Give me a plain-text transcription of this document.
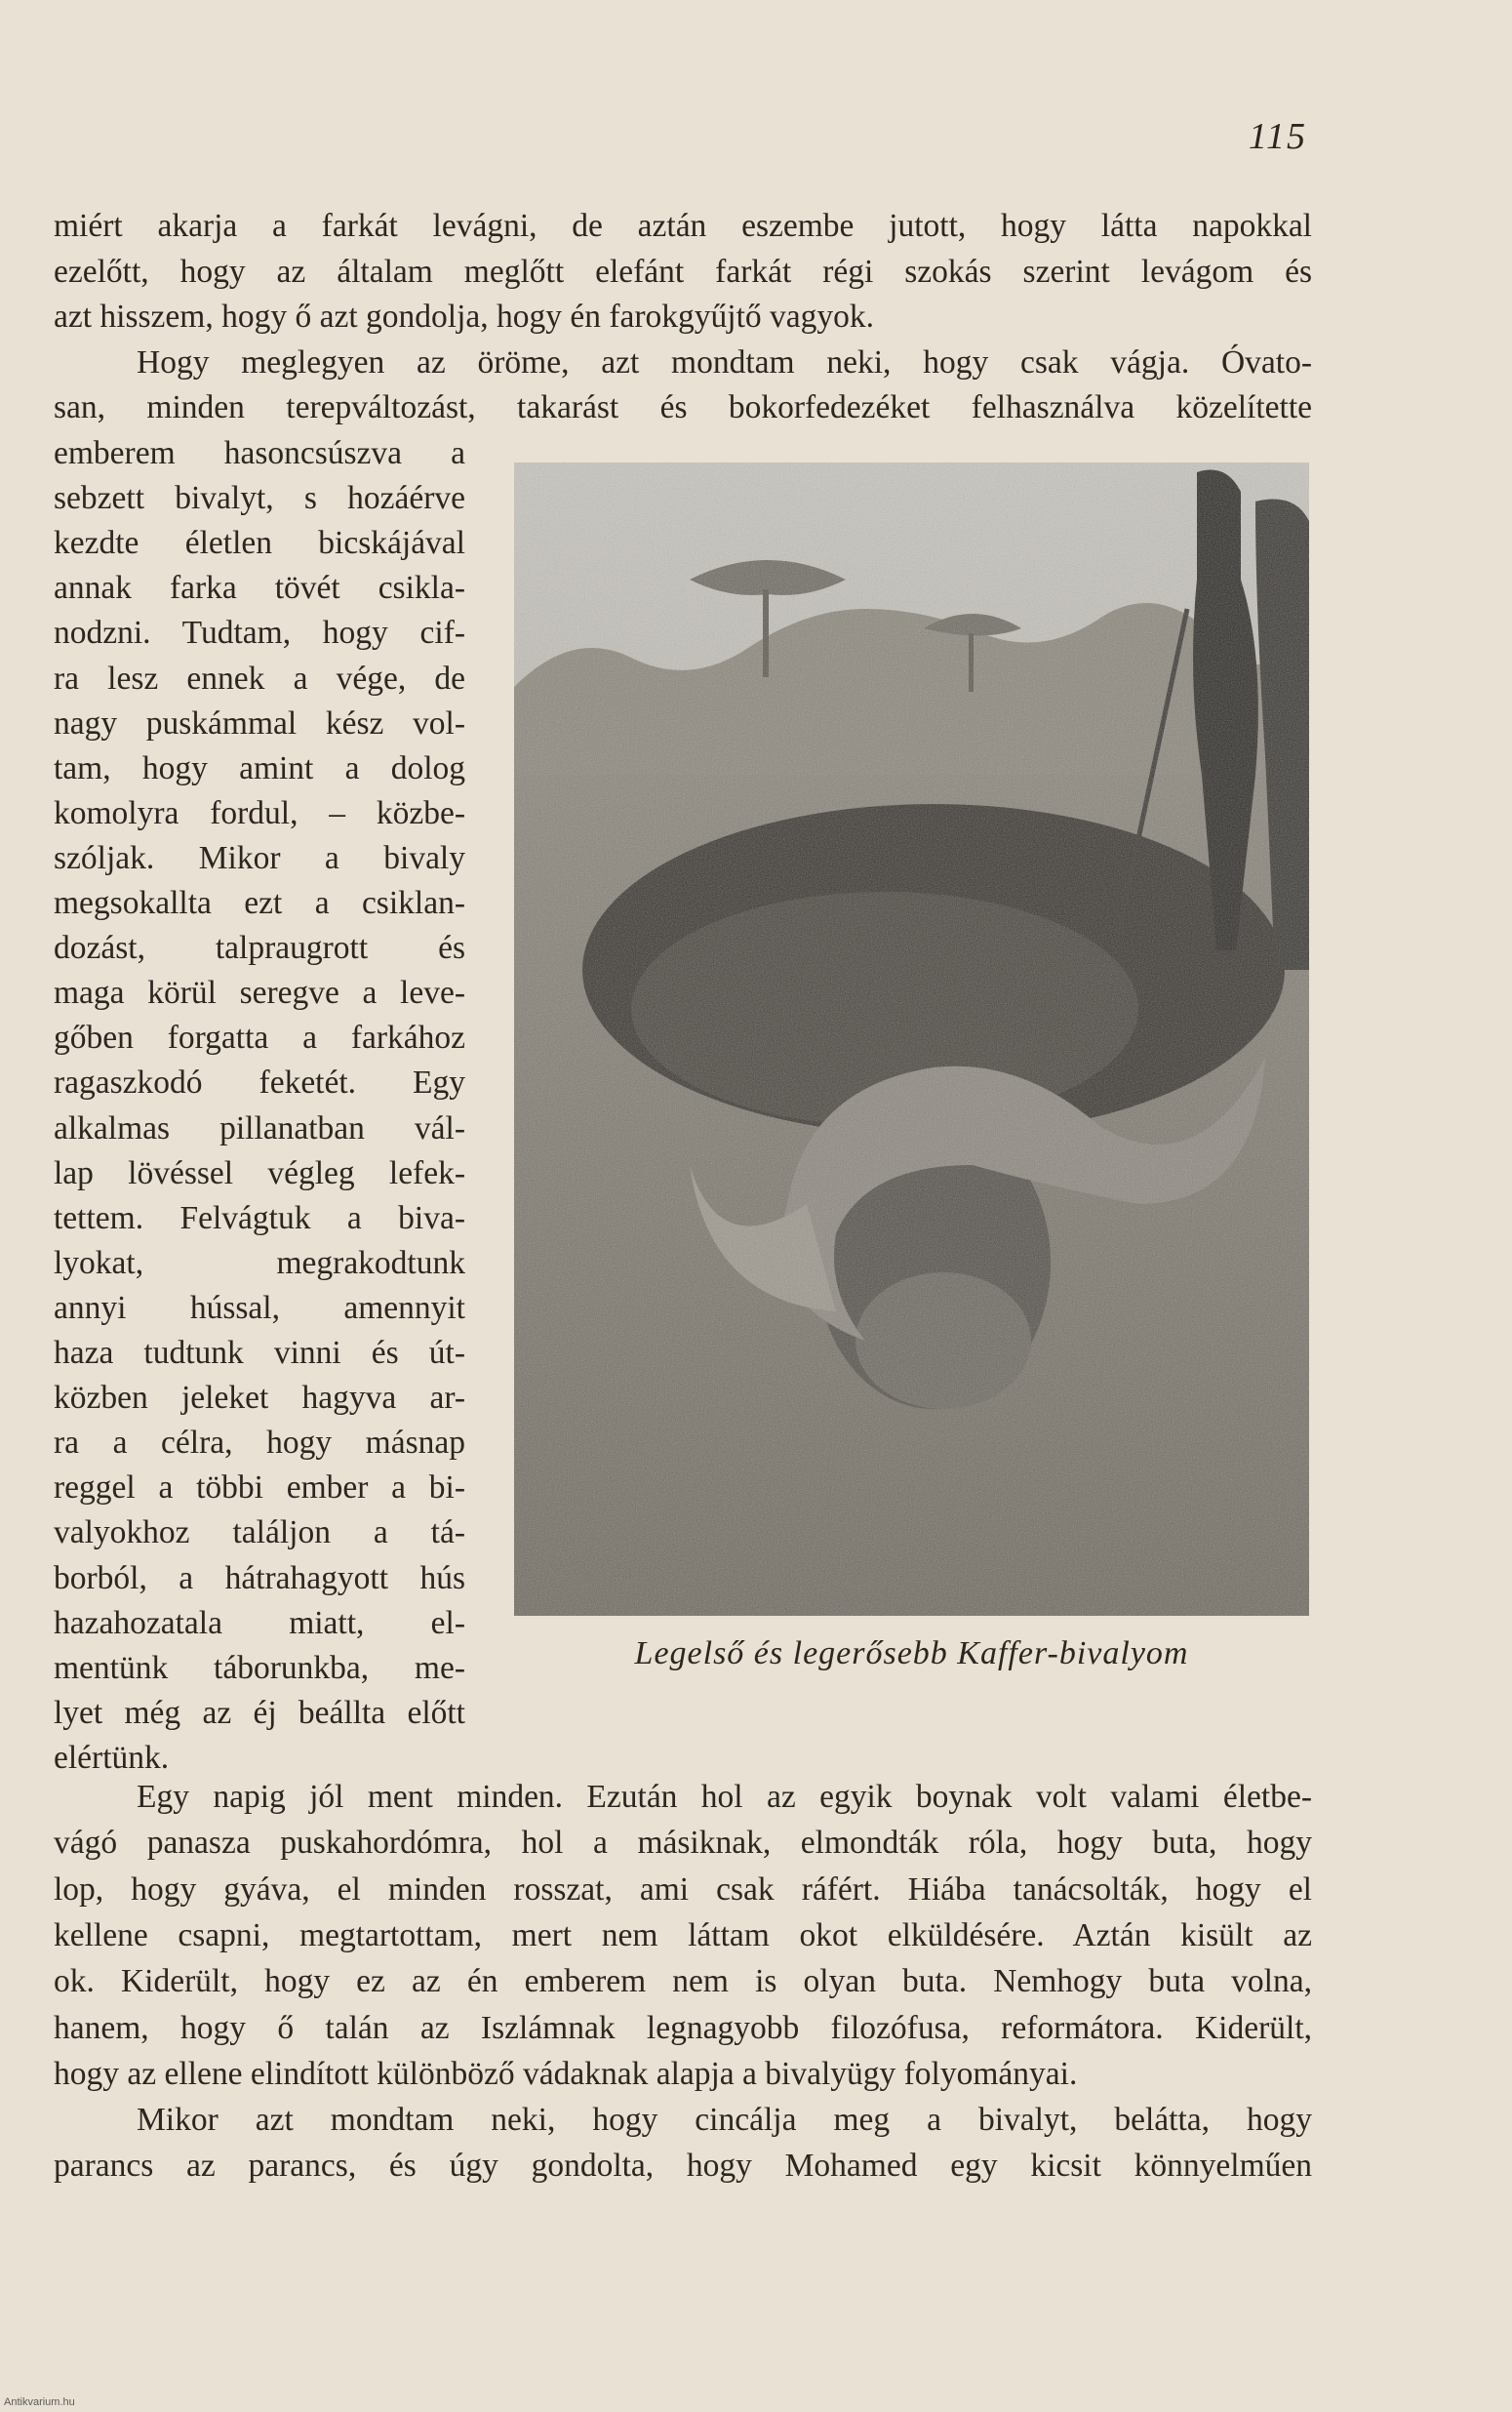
115
miért akarja a farkát levágni, de aztán eszembe jutott, hogy látta napokkal
ezelőtt, hogy az általam meglőtt elefánt farkát régi szokás szerint levágom és
azt hisszem, hogy ő azt gondolja, hogy én farokgyűjtő vagyok.
Hogy meglegyen az öröme, azt mondtam neki, hogy csak vágja. Óvato-
san, minden terepváltozást, takarást és bokorfedezéket felhasználva közelítette
emberem hasoncsúszva a
sebzett bivalyt, s hozáérve
kezdte életlen bicskájával
annak farka tövét csikla-
nodzni. Tudtam, hogy cif-
ra lesz ennek a vége, de
nagy puskámmal kész vol-
tam, hogy amint a dolog
komolyra fordul, – közbe-
szóljak. Mikor a bivaly
megsokallta ezt a csiklan-
dozást, talpraugrott és
maga körül seregve a leve-
gőben forgatta a farkához
ragaszkodó feketét. Egy
alkalmas pillanatban vál-
lap lövéssel végleg lefek-
tettem. Felvágtuk a biva-
lyokat, megrakodtunk
annyi hússal, amennyit
haza tudtunk vinni és út-
közben jeleket hagyva ar-
ra a célra, hogy másnap
reggel a többi ember a bi-
valyokhoz találjon a tá-
borból, a hátrahagyott hús
hazahozatala miatt, el-
mentünk táborunkba, me-
lyet még az éj beállta előtt
elértünk.
Legelső és legerősebb Kaffer-bivalyom
Egy napig jól ment minden. Ezután hol az egyik boynak volt valami életbe-
vágó panasza puskahordómra, hol a másiknak, elmondták róla, hogy buta, hogy
lop, hogy gyáva, el minden rosszat, ami csak ráfért. Hiába tanácsolták, hogy el
kellene csapni, megtartottam, mert nem láttam okot elküldésére. Aztán kisült az
ok. Kiderült, hogy ez az én emberem nem is olyan buta. Nemhogy buta volna,
hanem, hogy ő talán az Iszlámnak legnagyobb filozófusa, reformátora. Kiderült,
hogy az ellene elindított különböző vádaknak alapja a bivalyügy folyományai.
Mikor azt mondtam neki, hogy cincálja meg a bivalyt, belátta, hogy
parancs az parancs, és úgy gondolta, hogy Mohamed egy kicsit könnyelműen
Antikvarium.hu
